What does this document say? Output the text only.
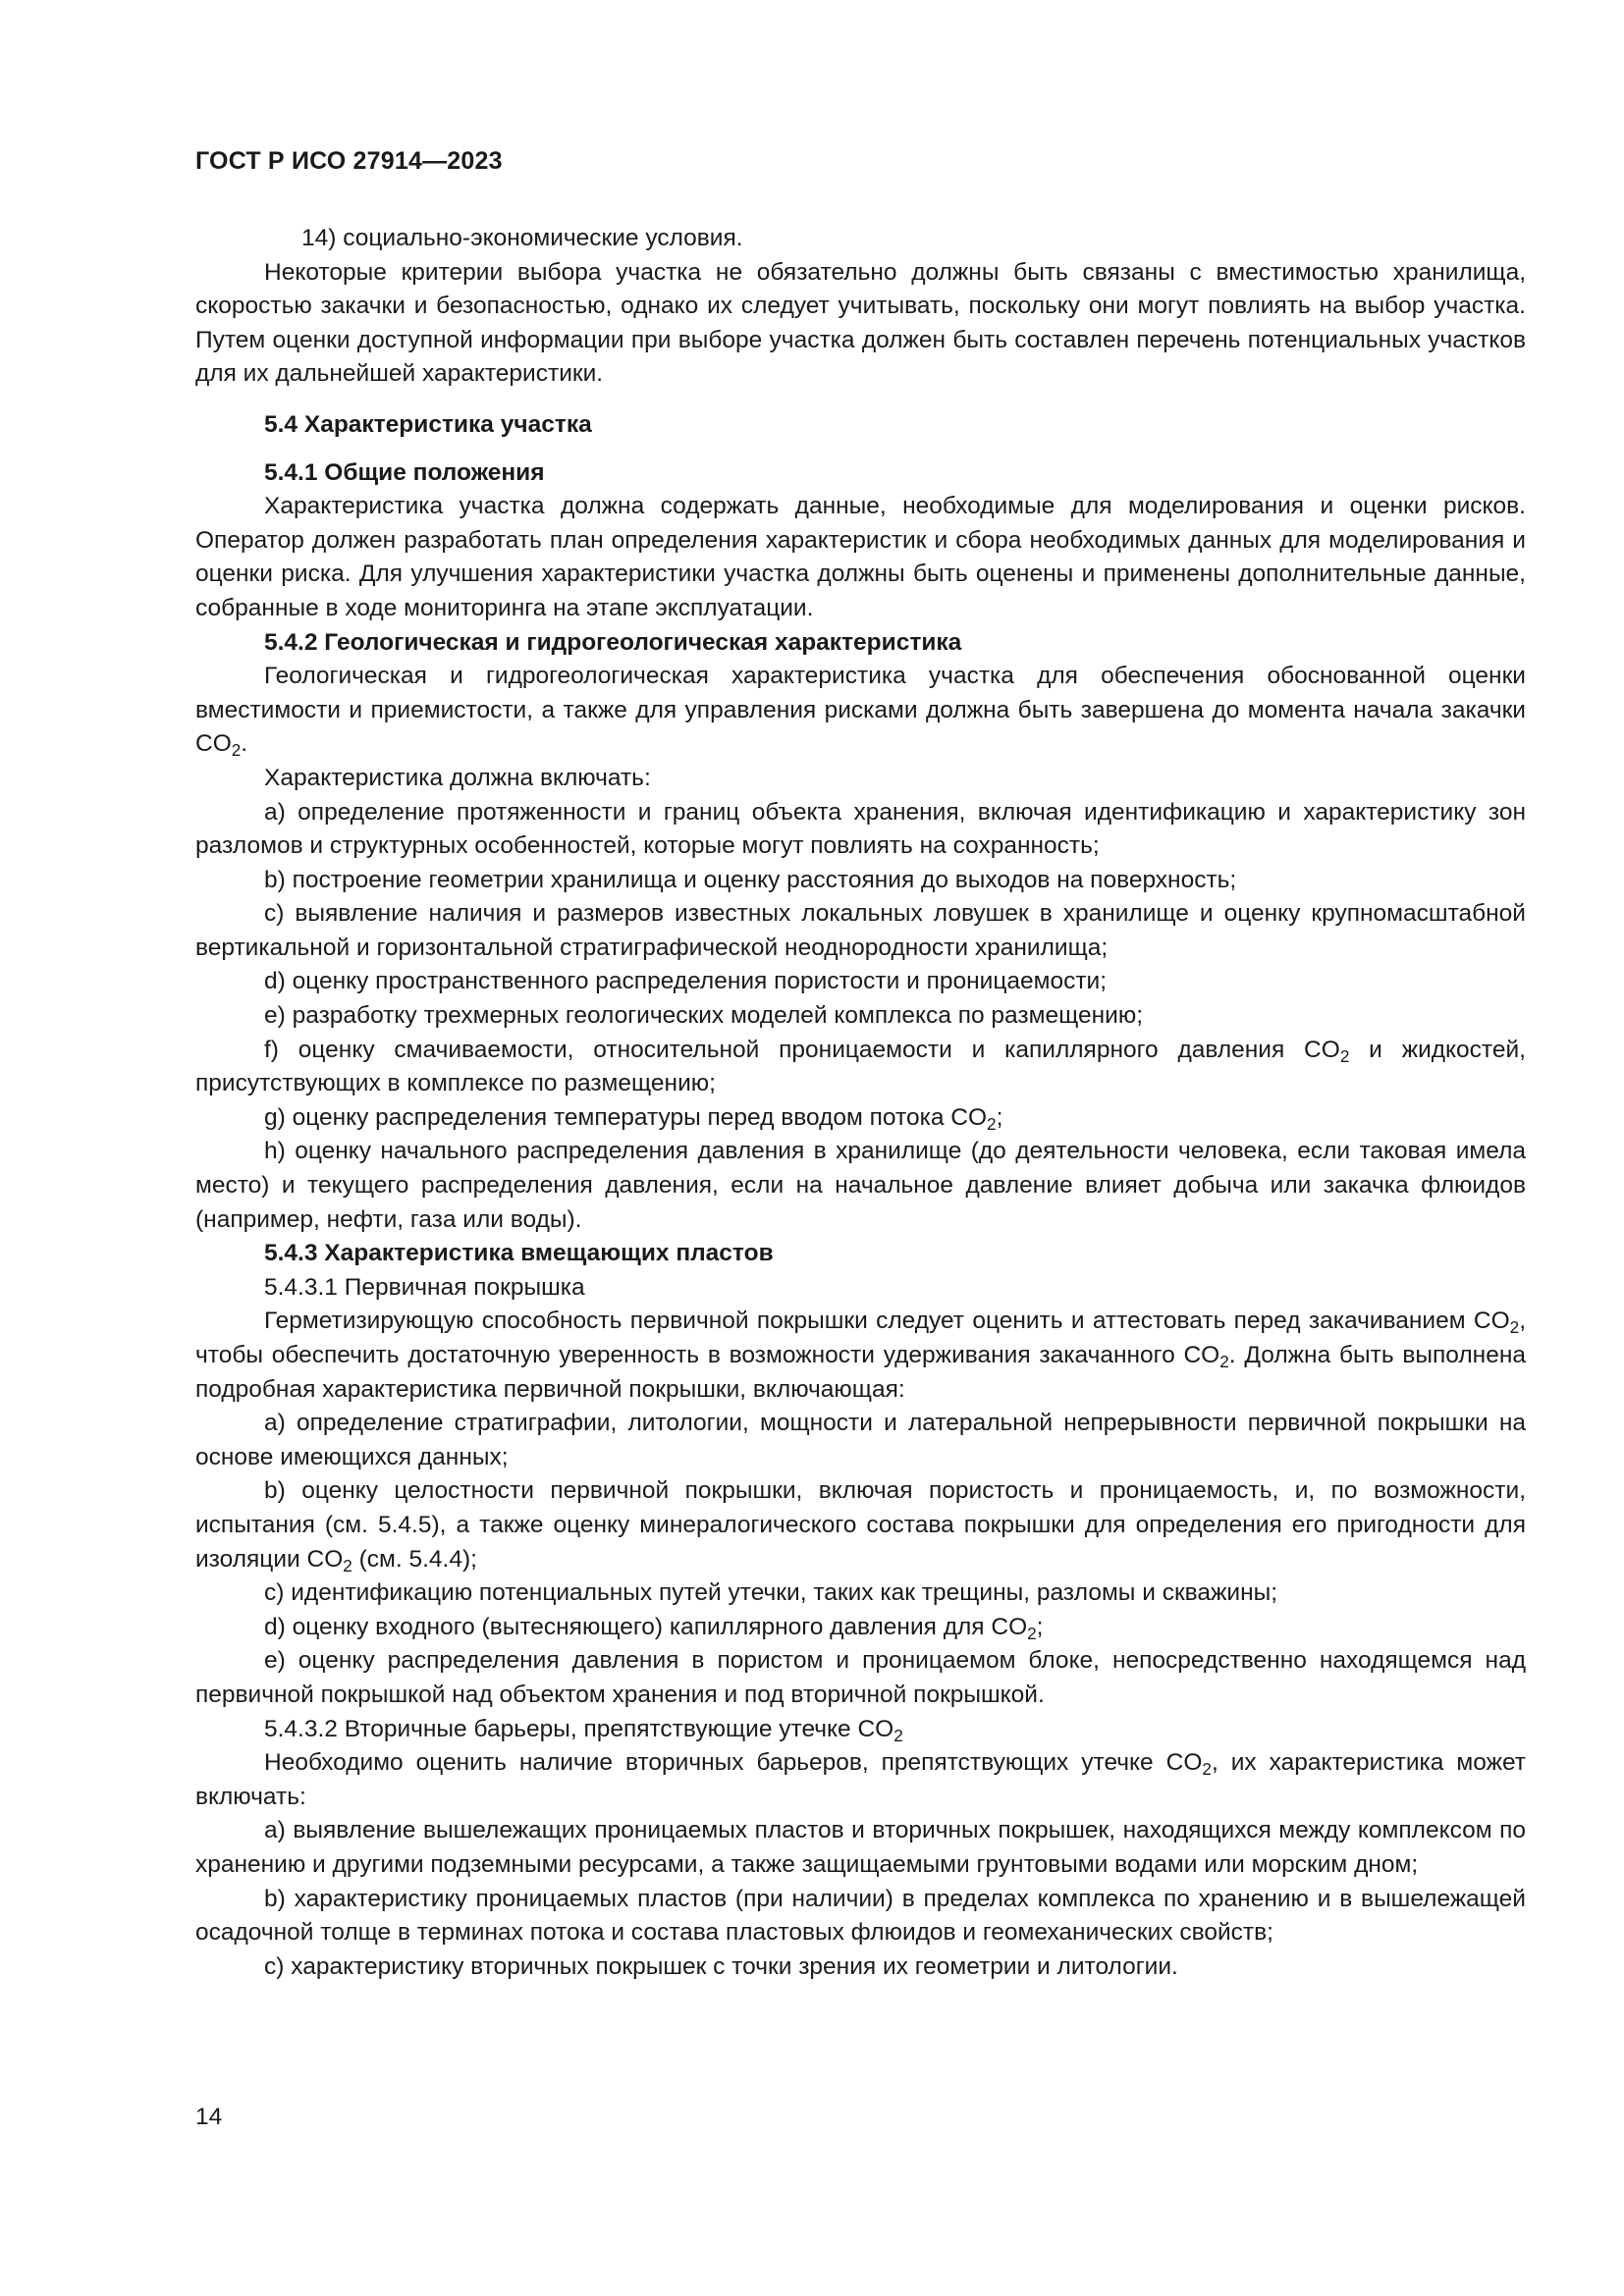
ГОСТ Р ИСО 27914—2023

14) социально-экономические условия.

Некоторые критерии выбора участка не обязательно должны быть связаны с вместимостью хранилища, скоростью закачки и безопасностью, однако их следует учитывать, поскольку они могут повлиять на выбор участка. Путем оценки доступной информации при выборе участка должен быть составлен перечень потенциальных участков для их дальнейшей характеристики.

5.4 Характеристика участка

5.4.1 Общие положения

Характеристика участка должна содержать данные, необходимые для моделирования и оценки рисков. Оператор должен разработать план определения характеристик и сбора необходимых данных для моделирования и оценки риска. Для улучшения характеристики участка должны быть оценены и применены дополнительные данные, собранные в ходе мониторинга на этапе эксплуатации.

5.4.2 Геологическая и гидрогеологическая характеристика

Геологическая и гидрогеологическая характеристика участка для обеспечения обоснованной оценки вместимости и приемистости, а также для управления рисками должна быть завершена до момента начала закачки $CO_2$.

Характеристика должна включать:

a) определение протяженности и границ объекта хранения, включая идентификацию и характеристику зон разломов и структурных особенностей, которые могут повлиять на сохранность;

b) построение геометрии хранилища и оценку расстояния до выходов на поверхность;

c) выявление наличия и размеров известных локальных ловушек в хранилище и оценку крупномасштабной вертикальной и горизонтальной стратиграфической неоднородности хранилища;

d) оценку пространственного распределения пористости и проницаемости;

e) разработку трехмерных геологических моделей комплекса по размещению;

f) оценку смачиваемости, относительной проницаемости и капиллярного давления $CO_2$ и жидкостей, присутствующих в комплексе по размещению;

g) оценку распределения температуры перед вводом потока $CO_2$;

h) оценку начального распределения давления в хранилище (до деятельности человека, если таковая имела место) и текущего распределения давления, если на начальное давление влияет добыча или закачка флюидов (например, нефти, газа или воды).

5.4.3 Характеристика вмещающих пластов

5.4.3.1 Первичная покрышка

Герметизирующую способность первичной покрышки следует оценить и аттестовать перед закачиванием $CO_2$, чтобы обеспечить достаточную уверенность в возможности удерживания закачанного $CO_2$. Должна быть выполнена подробная характеристика первичной покрышки, включающая:

a) определение стратиграфии, литологии, мощности и латеральной непрерывности первичной покрышки на основе имеющихся данных;

b) оценку целостности первичной покрышки, включая пористость и проницаемость, и, по возможности, испытания (см. 5.4.5), а также оценку минералогического состава покрышки для определения его пригодности для изоляции $CO_2$ (см. 5.4.4);

c) идентификацию потенциальных путей утечки, таких как трещины, разломы и скважины;

d) оценку входного (вытесняющего) капиллярного давления для $CO_2$;

e) оценку распределения давления в пористом и проницаемом блоке, непосредственно находящемся над первичной покрышкой над объектом хранения и под вторичной покрышкой.

5.4.3.2 Вторичные барьеры, препятствующие утечке $CO_2$

Необходимо оценить наличие вторичных барьеров, препятствующих утечке $CO_2$, их характеристика может включать:

a) выявление вышележащих проницаемых пластов и вторичных покрышек, находящихся между комплексом по хранению и другими подземными ресурсами, а также защищаемыми грунтовыми водами или морским дном;

b) характеристику проницаемых пластов (при наличии) в пределах комплекса по хранению и в вышележащей осадочной толще в терминах потока и состава пластовых флюидов и геомеханических свойств;

c) характеристику вторичных покрышек с точки зрения их геометрии и литологии.

14
